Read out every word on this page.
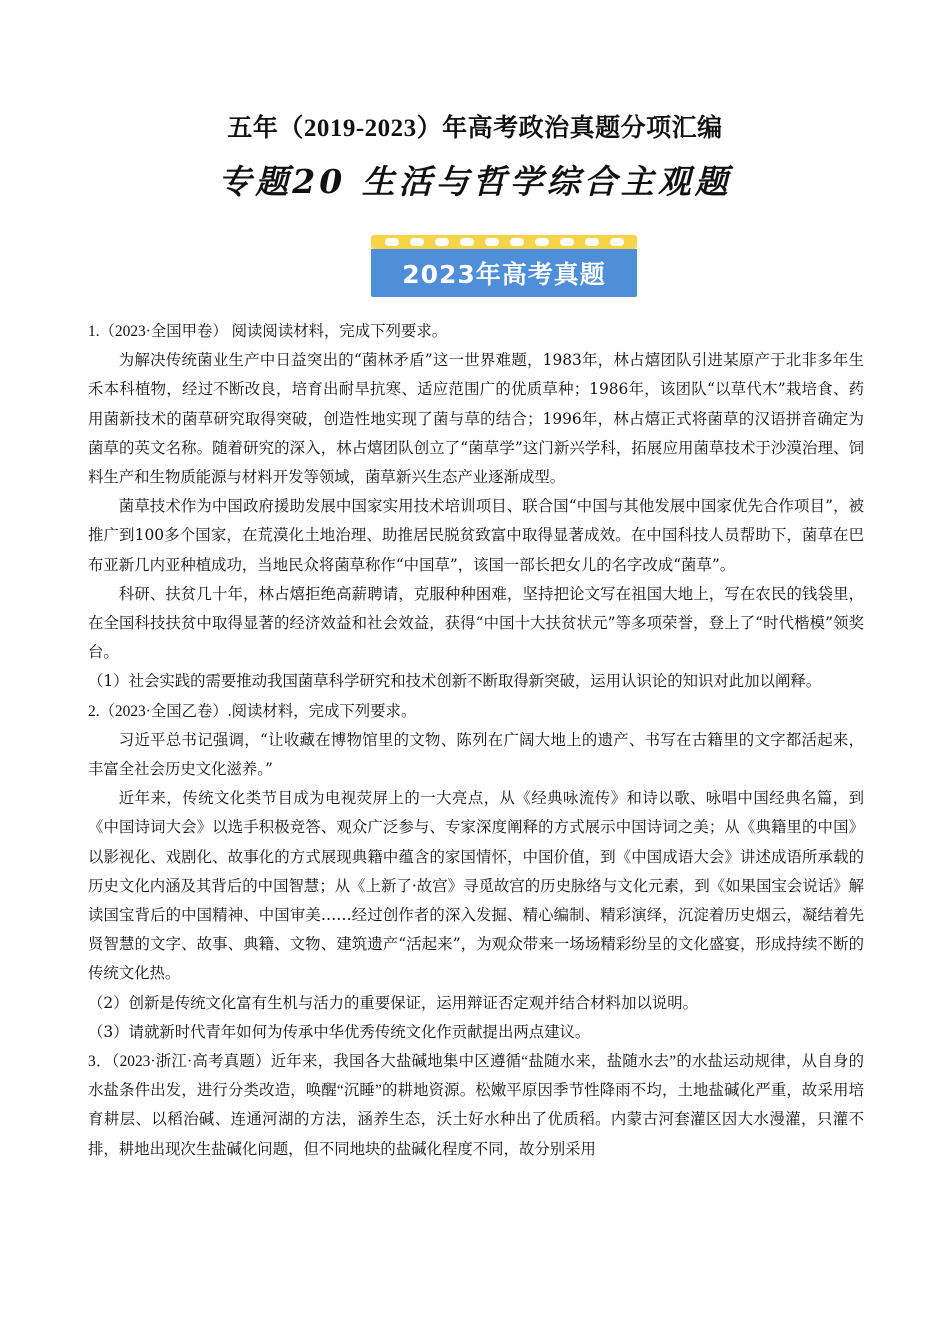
五年（2019-2023）年高考政治真题分项汇编
专题20 生活与哲学综合主观题
2023年高考真题

1.（2023·全国甲卷） 阅读阅读材料，完成下列要求。

为解决传统菌业生产中日益突出的“菌林矛盾”这一世界难题，1983年，林占熺团队引进某原产于北非多年生禾本科植物，经过不断改良，培育出耐旱抗寒、适应范围广的优质草种；1986年，该团队“以草代木”栽培食、药用菌新技术的菌草研究取得突破，创造性地实现了菌与草的结合；1996年，林占熺正式将菌草的汉语拼音确定为菌草的英文名称。随着研究的深入，林占熺团队创立了“菌草学”这门新兴学科，拓展应用菌草技术于沙漠治理、饲料生产和生物质能源与材料开发等领域，菌草新兴生态产业逐渐成型。

菌草技术作为中国政府援助发展中国家实用技术培训项目、联合国“中国与其他发展中国家优先合作项目”，被推广到100多个国家，在荒漠化土地治理、助推居民脱贫致富中取得显著成效。在中国科技人员帮助下，菌草在巴布亚新几内亚种植成功，当地民众将菌草称作“中国草”，该国一部长把女儿的名字改成“菌草”。

科研、扶贫几十年，林占熺拒绝高薪聘请，克服种种困难，坚持把论文写在祖国大地上，写在农民的钱袋里，在全国科技扶贫中取得显著的经济效益和社会效益，获得“中国十大扶贫状元”等多项荣誉，登上了“时代楷模”领奖台。

（1）社会实践的需要推动我国菌草科学研究和技术创新不断取得新突破，运用认识论的知识对此加以阐释。

2.（2023·全国乙卷）.阅读材料，完成下列要求。

习近平总书记强调，“让收藏在博物馆里的文物、陈列在广阔大地上的遗产、书写在古籍里的文字都活起来，丰富全社会历史文化滋养。”

近年来，传统文化类节目成为电视荧屏上的一大亮点，从《经典咏流传》和诗以歌、咏唱中国经典名篇，到《中国诗词大会》以选手积极竞答、观众广泛参与、专家深度阐释的方式展示中国诗词之美；从《典籍里的中国》以影视化、戏剧化、故事化的方式展现典籍中蕴含的家国情怀，中国价值，到《中国成语大会》讲述成语所承载的历史文化内涵及其背后的中国智慧；从《上新了·故宫》寻觅故宫的历史脉络与文化元素，到《如果国宝会说话》解读国宝背后的中国精神、中国审美……经过创作者的深入发掘、精心编制、精彩演绎，沉淀着历史烟云，凝结着先贤智慧的文字、故事、典籍、文物、建筑遗产“活起来”，为观众带来一场场精彩纷呈的文化盛宴，形成持续不断的传统文化热。

（2）创新是传统文化富有生机与活力的重要保证，运用辩证否定观并结合材料加以说明。

（3）请就新时代青年如何为传承中华优秀传统文化作贡献提出两点建议。

3．（2023·浙江·高考真题）近年来，我国各大盐碱地集中区遵循“盐随水来，盐随水去”的水盐运动规律，从自身的水盐条件出发，进行分类改造，唤醒“沉睡”的耕地资源。松嫩平原因季节性降雨不均，土地盐碱化严重，故采用培育耕层、以稻治碱、连通河湖的方法，涵养生态，沃土好水种出了优质稻。内蒙古河套灌区因大水漫灌，只灌不排，耕地出现次生盐碱化问题，但不同地块的盐碱化程度不同，故分别采用
